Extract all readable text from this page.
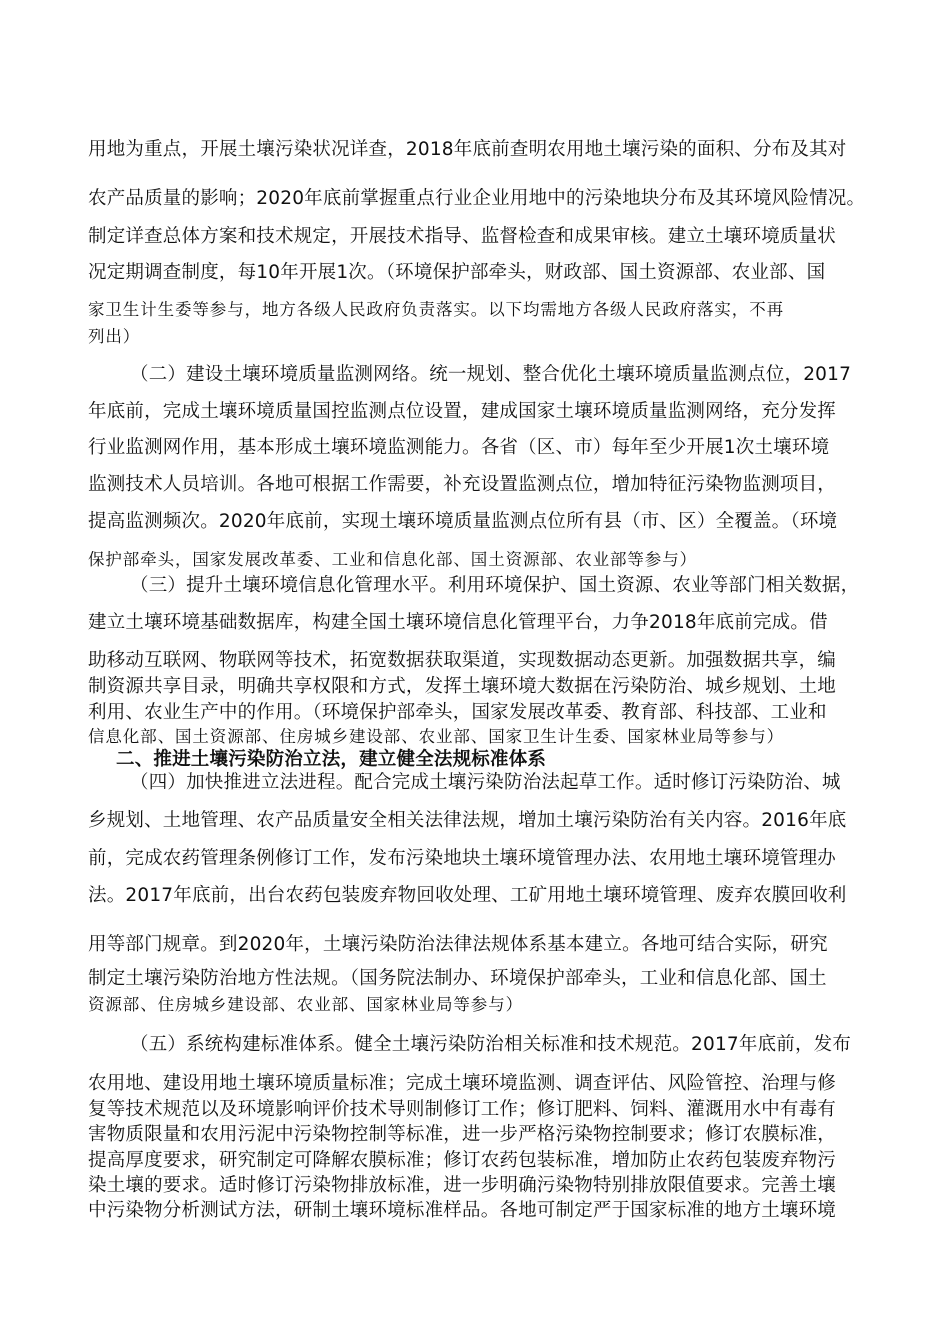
用地为重点，开展土壤污染状况详查，2018年底前查明农用地土壤污染的面积、分布及其对
农产品质量的影响；2020年底前掌握重点行业企业用地中的污染地块分布及其环境风险情况。
制定详查总体方案和技术规定，开展技术指导、监督检查和成果审核。建立土壤环境质量状
况定期调查制度，每10年开展1次。（环境保护部牵头，财政部、国土资源部、农业部、国
家卫生计生委等参与，地方各级人民政府负责落实。以下均需地方各级人民政府落实，不再
列出）
（二）建设土壤环境质量监测网络。统一规划、整合优化土壤环境质量监测点位，2017
年底前，完成土壤环境质量国控监测点位设置，建成国家土壤环境质量监测网络，充分发挥
行业监测网作用，基本形成土壤环境监测能力。各省（区、市）每年至少开展1次土壤环境
监测技术人员培训。各地可根据工作需要，补充设置监测点位，增加特征污染物监测项目，
提高监测频次。2020年底前，实现土壤环境质量监测点位所有县（市、区）全覆盖。（环境
保护部牵头，国家发展改革委、工业和信息化部、国土资源部、农业部等参与）
（三）提升土壤环境信息化管理水平。利用环境保护、国土资源、农业等部门相关数据，
建立土壤环境基础数据库，构建全国土壤环境信息化管理平台，力争2018年底前完成。借
助移动互联网、物联网等技术，拓宽数据获取渠道，实现数据动态更新。加强数据共享，编
制资源共享目录，明确共享权限和方式，发挥土壤环境大数据在污染防治、城乡规划、土地
利用、农业生产中的作用。（环境保护部牵头，国家发展改革委、教育部、科技部、工业和
信息化部、国土资源部、住房城乡建设部、农业部、国家卫生计生委、国家林业局等参与）
二、推进土壤污染防治立法，建立健全法规标准体系
（四）加快推进立法进程。配合完成土壤污染防治法起草工作。适时修订污染防治、城
乡规划、土地管理、农产品质量安全相关法律法规，增加土壤污染防治有关内容。2016年底
前，完成农药管理条例修订工作，发布污染地块土壤环境管理办法、农用地土壤环境管理办
法。2017年底前，出台农药包装废弃物回收处理、工矿用地土壤环境管理、废弃农膜回收利
用等部门规章。到2020年，土壤污染防治法律法规体系基本建立。各地可结合实际，研究
制定土壤污染防治地方性法规。（国务院法制办、环境保护部牵头，工业和信息化部、国土
资源部、住房城乡建设部、农业部、国家林业局等参与）
（五）系统构建标准体系。健全土壤污染防治相关标准和技术规范。2017年底前，发布
农用地、建设用地土壤环境质量标准；完成土壤环境监测、调查评估、风险管控、治理与修
复等技术规范以及环境影响评价技术导则制修订工作；修订肥料、饲料、灌溉用水中有毒有
害物质限量和农用污泥中污染物控制等标准，进一步严格污染物控制要求；修订农膜标准，
提高厚度要求，研究制定可降解农膜标准；修订农药包装标准，增加防止农药包装废弃物污
染土壤的要求。适时修订污染物排放标准，进一步明确污染物特别排放限值要求。完善土壤
中污染物分析测试方法，研制土壤环境标准样品。各地可制定严于国家标准的地方土壤环境
